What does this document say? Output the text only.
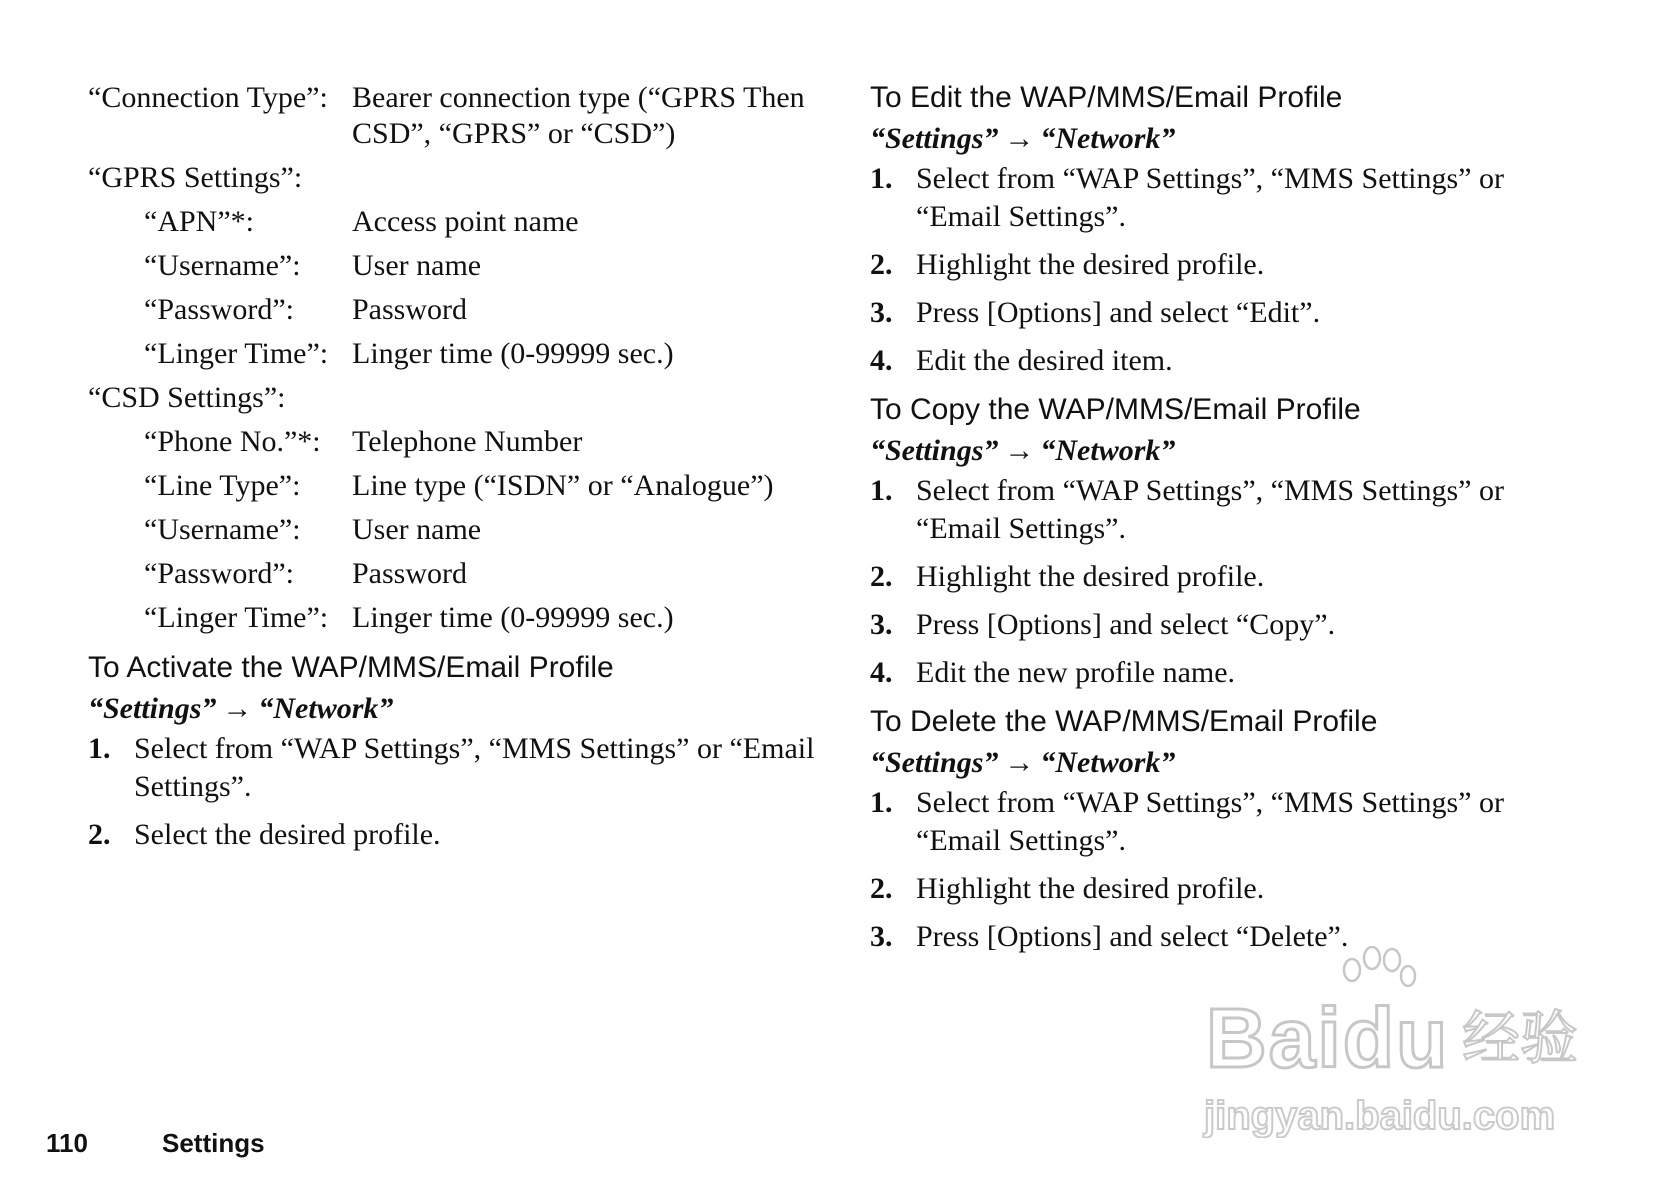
“Connection Type”: Bearer connection type (“GPRS Then CSD”, “GPRS” or “CSD”)
“GPRS Settings”:
“APN”*:	Access point name
“Username”: User name
“Password”: Password
“Linger Time”: Linger time (0-99999 sec.)
“CSD Settings”:
“Phone No.”*: Telephone Number
“Line Type”: Line type (“ISDN” or “Analogue”)
“Username”: User name
“Password”: Password
“Linger Time”: Linger time (0-99999 sec.)
To Activate the WAP/MMS/Email Profile
“Settings” → “Network”
1. Select from “WAP Settings”, “MMS Settings” or “Email Settings”.
2. Select the desired profile.
To Edit the WAP/MMS/Email Profile
“Settings” → “Network”
1. Select from “WAP Settings”, “MMS Settings” or “Email Settings”.
2. Highlight the desired profile.
3. Press [Options] and select “Edit”.
4. Edit the desired item.
To Copy the WAP/MMS/Email Profile
“Settings” → “Network”
1. Select from “WAP Settings”, “MMS Settings” or “Email Settings”.
2. Highlight the desired profile.
3. Press [Options] and select “Copy”.
4. Edit the new profile name.
To Delete the WAP/MMS/Email Profile
“Settings” → “Network”
1. Select from “WAP Settings”, “MMS Settings” or “Email Settings”.
2. Highlight the desired profile.
3. Press [Options] and select “Delete”.
110	Settings
Baidu 经验
jingyan.baidu.com
